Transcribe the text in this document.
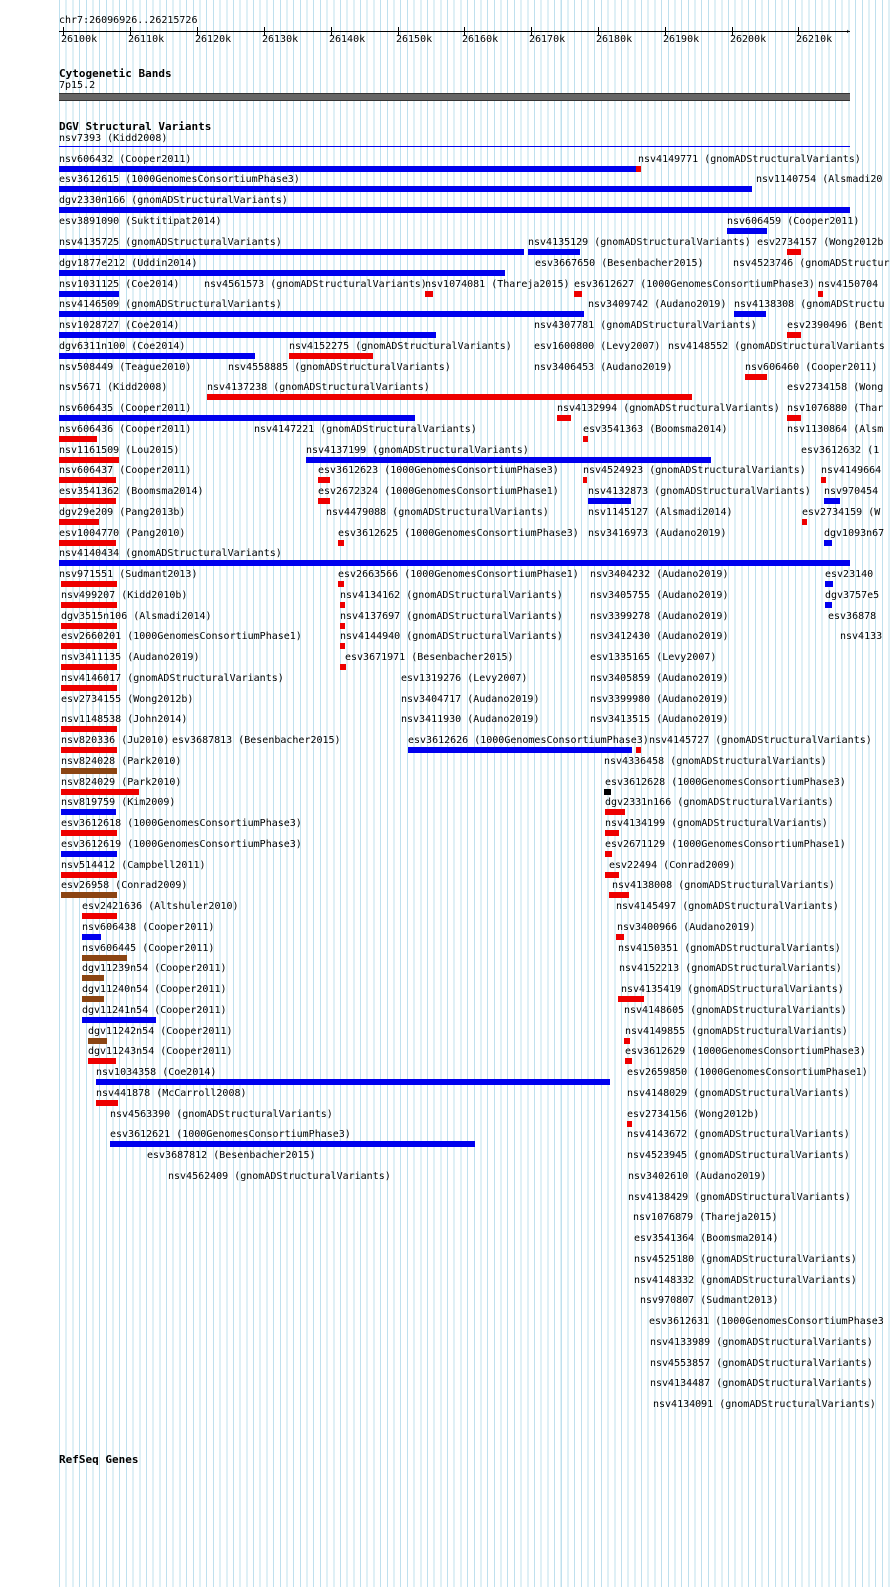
chr7:26096926..26215726
→
Cytogenetic Bands
7p15.2
DGV Structural Variants
RefSeq Genes
26100k	26110k	26120k	26130k	26140k	26150k	26160k	26170k	26180k	26190k	26200k	26210k
nsv7393 (Kidd2008)
nsv606432 (Cooper2011)	nsv4149771 (gnomADStructuralVariants)
esv3612615 (1000GenomesConsortiumPhase3)	nsv1140754 (Alsmadi20
dgv2330n166 (gnomADStructuralVariants)
esv3891090 (Suktitipat2014)	nsv606459 (Cooper2011)
nsv4135725 (gnomADStructuralVariants)	nsv4135129 (gnomADStructuralVariants) esv2734157 (Wong2012b
dgv1877e212 (Uddin2014)	esv3667650 (Besenbacher2015)	nsv4523746 (gnomADStructur
nsv1031125 (Coe2014) nsv4561573 (gnomADStructuralVariants)
nsv1074081 (Thareja2015) esv3612627 (1000GenomesConsortiumPhase3) nsv4150704
nsv4146509 (gnomADStructuralVariants)	nsv3409742 (Audano2019) nsv4138308 (gnomADStructu
nsv1028727 (Coe2014)	nsv4307781 (gnomADStructuralVariants)	esv2390496 (Bent
dgv6311n100 (Coe2014)	nsv4152275 (gnomADStructuralVariants) esv1600800 (Levy2007) nsv4148552 (gnomADStructuralVariants
nsv508449 (Teague2010)	nsv4558885 (gnomADStructuralVariants)	nsv3406453 (Audano2019)	nsv606460 (Cooper2011)
nsv5671 (Kidd2008)	nsv4137238 (gnomADStructuralVariants)	esv2734158 (Wong
nsv606435 (Cooper2011)	nsv4132994 (gnomADStructuralVariants) nsv1076880 (Thar
nsv606436 (Cooper2011)	nsv4147221 (gnomADStructuralVariants)	esv3541363 (Boomsma2014)	nsv1130864 (Alsm
nsv1161509 (Lou2015)	nsv4137199 (gnomADStructuralVariants)	esv3612632 (1
nsv606437 (Cooper2011)	esv3612623 (1000GenomesConsortiumPhase3) nsv4524923 (gnomADStructuralVariants) nsv4149664
esv3541362 (Boomsma2014)	esv2672324 (1000GenomesConsortiumPhase1)	nsv4132873 (gnomADStructuralVariants) nsv970454
dgv29e209 (Pang2013b)	nsv4479088 (gnomADStructuralVariants)	nsv1145127 (Alsmadi2014)	esv2734159 (W
esv1004770 (Pang2010)	esv3612625 (1000GenomesConsortiumPhase3) nsv3416973 (Audano2019)	dgv1093n67
nsv4140434 (gnomADStructuralVariants)
nsv971551 (Sudmant2013)	esv2663566 (1000GenomesConsortiumPhase1) nsv3404232 (Audano2019)	esv23140
nsv499207 (Kidd2010b)	nsv4134162 (gnomADStructuralVariants)	nsv3405755 (Audano2019)	dgv3757e5
dgv3515n106 (Alsmadi2014)	nsv4137697 (gnomADStructuralVariants)	nsv3399278 (Audano2019)	esv36878
esv2660201 (1000GenomesConsortiumPhase1)	nsv4144940 (gnomADStructuralVariants)	nsv3412430 (Audano2019)	nsv4133
nsv3411135 (Audano2019)	esv3671971 (Besenbacher2015)	esv1335165 (Levy2007)
nsv4146017 (gnomADStructuralVariants)	esv1319276 (Levy2007)	nsv3405859 (Audano2019)
esv2734155 (Wong2012b)	nsv3404717 (Audano2019)	nsv3399980 (Audano2019)
nsv1148538 (John2014)	nsv3411930 (Audano2019)	nsv3413515 (Audano2019)
nsv820336 (Ju2010) esv3687813 (Besenbacher2015)	esv3612626 (1000GenomesConsortiumPhase3) nsv4145727 (gnomADStructuralVariants)
nsv824028 (Park2010)	nsv4336458 (gnomADStructuralVariants)
nsv824029 (Park2010)	esv3612628 (1000GenomesConsortiumPhase3)
nsv819759 (Kim2009)	dgv2331n166 (gnomADStructuralVariants)
esv3612618 (1000GenomesConsortiumPhase3)	nsv4134199 (gnomADStructuralVariants)
esv3612619 (1000GenomesConsortiumPhase3)	esv2671129 (1000GenomesConsortiumPhase1)
nsv514412 (Campbell2011)	esv22494 (Conrad2009)
esv26958 (Conrad2009)	nsv4138008 (gnomADStructuralVariants)
esv2421636 (Altshuler2010)	nsv4145497 (gnomADStructuralVariants)
nsv606438 (Cooper2011)	nsv3400966 (Audano2019)
nsv606445 (Cooper2011)	nsv4150351 (gnomADStructuralVariants)
dgv11239n54 (Cooper2011)	nsv4152213 (gnomADStructuralVariants)
dgv11240n54 (Cooper2011)	nsv4135419 (gnomADStructuralVariants)
dgv11241n54 (Cooper2011)	nsv4148605 (gnomADStructuralVariants)
dgv11242n54 (Cooper2011)	nsv4149855 (gnomADStructuralVariants)
dgv11243n54 (Cooper2011)	esv3612629 (1000GenomesConsortiumPhase3)
nsv1034358 (Coe2014)	esv2659850 (1000GenomesConsortiumPhase1)
nsv441878 (McCarroll2008)	nsv4148029 (gnomADStructuralVariants)
nsv4563390 (gnomADStructuralVariants)	esv2734156 (Wong2012b)
esv3612621 (1000GenomesConsortiumPhase3)	nsv4143672 (gnomADStructuralVariants)
esv3687812 (Besenbacher2015)	nsv4523945 (gnomADStructuralVariants)
nsv4562409 (gnomADStructuralVariants)	nsv3402610 (Audano2019)
nsv4138429 (gnomADStructuralVariants)
nsv1076879 (Thareja2015)
esv3541364 (Boomsma2014)
nsv4525180 (gnomADStructuralVariants)
nsv4148332 (gnomADStructuralVariants)
nsv970807 (Sudmant2013)
esv3612631 (1000GenomesConsortiumPhase3
nsv4133989 (gnomADStructuralVariants)
nsv4553857 (gnomADStructuralVariants)
nsv4134487 (gnomADStructuralVariants)
nsv4134091 (gnomADStructuralVariants)
